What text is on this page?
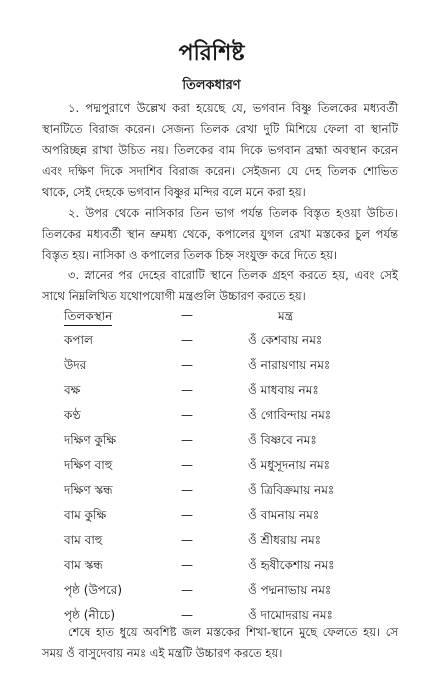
পরিশিষ্ট
তিলকধারণ

১. পদ্মপুরাণে উল্লেখ করা হয়েছে যে, ভগবান বিষ্ণু তিলকের মধ্যবর্তী স্থানটিতে বিরাজ করেন। সেজন্য তিলক রেখা দুটি মিশিয়ে ফেলা বা স্থানটি অপরিচ্ছন্ন রাখা উচিত নয়। তিলকের বাম দিকে ভগবান ব্রহ্মা অবস্থান করেন এবং দক্ষিণ দিকে সদাশিব বিরাজ করেন। সেইজন্য যে দেহ তিলক শোভিত থাকে, সেই দেহকে ভগবান বিষ্ণুর মন্দির বলে মনে করা হয়।

২. উপর থেকে নাসিকার তিন ভাগ পর্যন্ত তিলক বিস্তৃত হওয়া উচিত। তিলকের মধ্যবর্তী স্থান ভ্রুমধ্য থেকে, কপালের যুগল রেখা মস্তকের চুল পর্যন্ত বিস্তৃত হয়। নাসিকা ও কপালের তিলক চিহ্ন সংযুক্ত করে দিতে হয়।

৩. স্নানের পর দেহের বারোটি স্থানে তিলক গ্রহণ করতে হয়, এবং সেই সাথে নিম্নলিখিত যথোপযোগী মন্ত্রগুলি উচ্চারণ করতে হয়।

তিলকস্থান	—	মন্ত্র
কপাল	—	ওঁ কেশবায় নমঃ
উদর	—	ওঁ নারায়ণায় নমঃ
বক্ষ	—	ওঁ মাধবায় নমঃ
কণ্ঠ	—	ওঁ গোবিন্দায় নমঃ
দক্ষিণ কুক্ষি	—	ওঁ বিষ্ণবে নমঃ
দক্ষিণ বাহু	—	ওঁ মধুসূদনায় নমঃ
দক্ষিণ স্কন্ধ	—	ওঁ ত্রিবিক্রমায় নমঃ
বাম কুক্ষি	—	ওঁ বামনায় নমঃ
বাম বাহু	—	ওঁ শ্রীধরায় নমঃ
বাম স্কন্ধ	—	ওঁ হৃষীকেশায় নমঃ
পৃষ্ঠ (উপরে)	—	ওঁ পদ্মনাভায় নমঃ
পৃষ্ঠ (নীচে)	—	ওঁ দামোদরায় নমঃ

শেষে হাত ধুয়ে অবশিষ্ট জল মস্তকের শিখা-স্থানে মুছে ফেলতে হয়। সে সময় ওঁ বাসুদেবায় নমঃ এই মন্ত্রটি উচ্চারণ করতে হয়।
